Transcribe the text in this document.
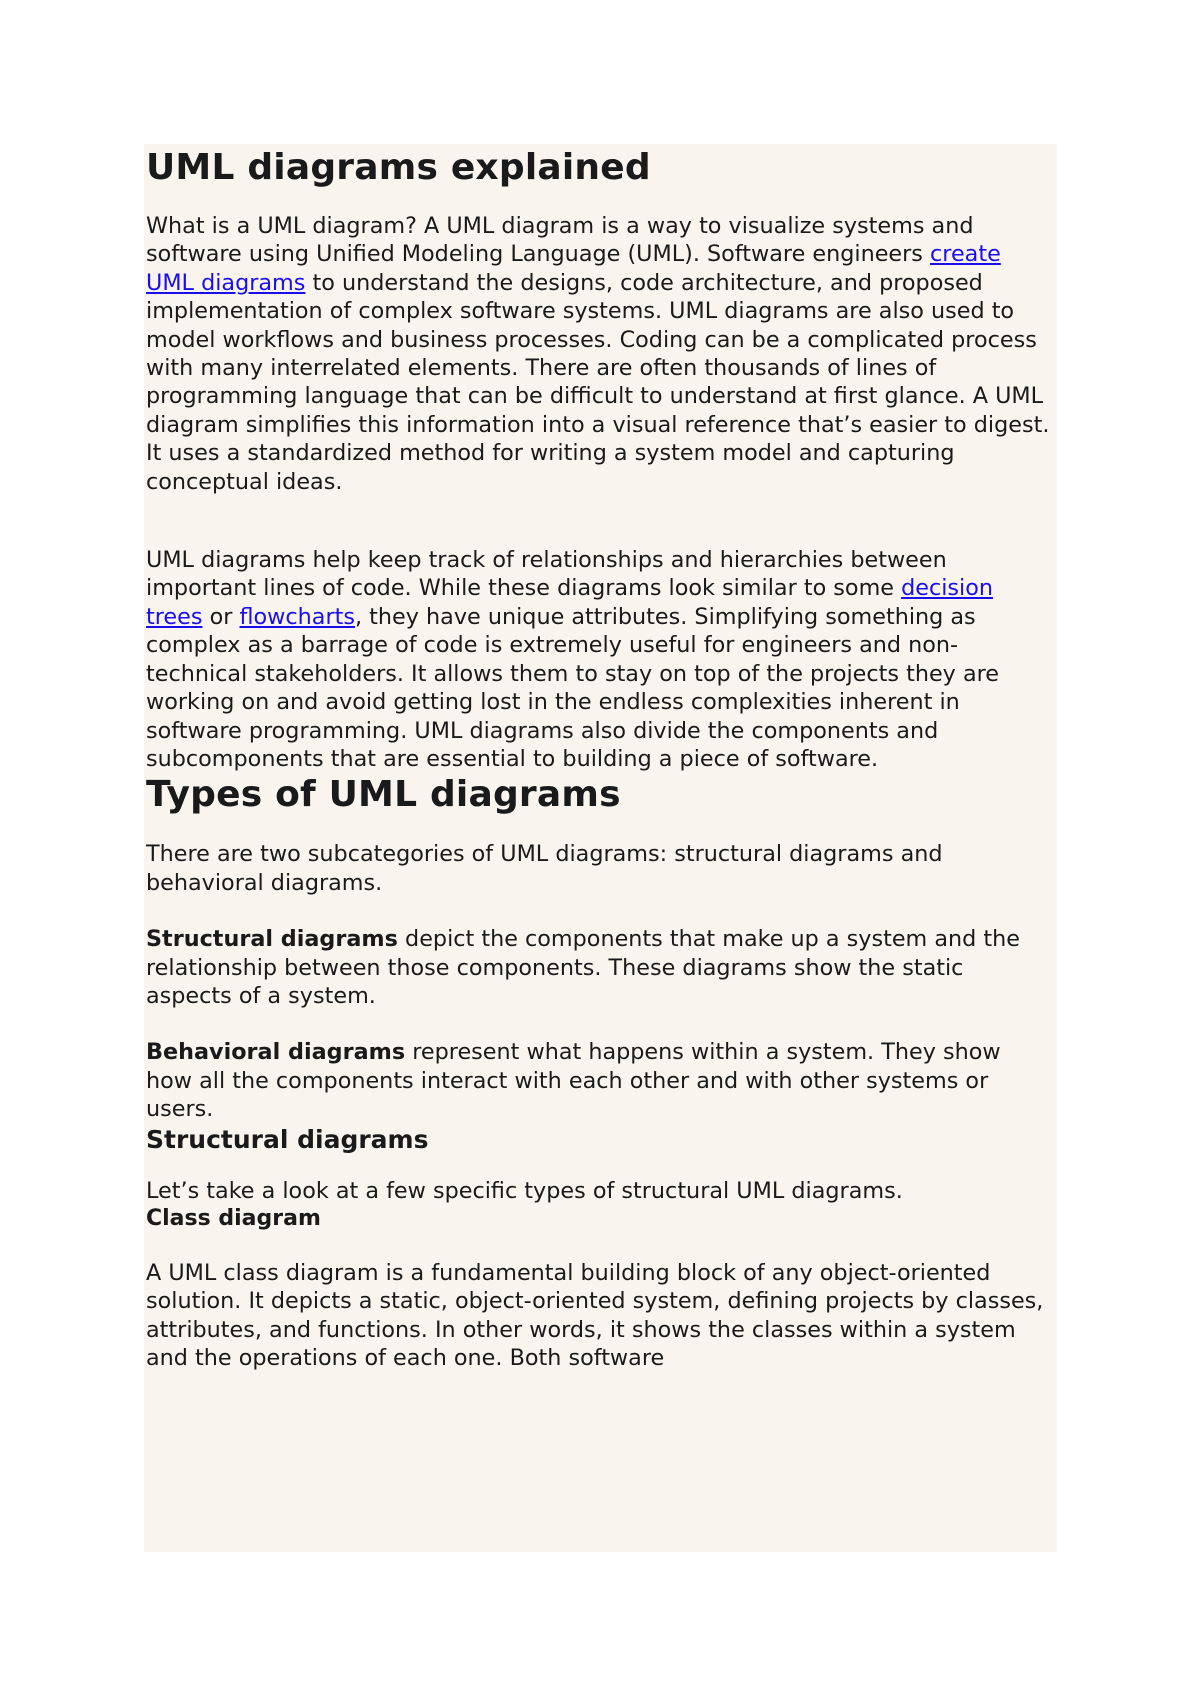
UML diagrams explained

What is a UML diagram? A UML diagram is a way to visualize systems and software using Unified Modeling Language (UML). Software engineers create UML diagrams to understand the designs, code architecture, and proposed implementation of complex software systems. UML diagrams are also used to model workflows and business processes. Coding can be a complicated process with many interrelated elements. There are often thousands of lines of programming language that can be difficult to understand at first glance. A UML diagram simplifies this information into a visual reference that’s easier to digest. It uses a standardized method for writing a system model and capturing conceptual ideas.

UML diagrams help keep track of relationships and hierarchies between important lines of code. While these diagrams look similar to some decision trees or flowcharts, they have unique attributes. Simplifying something as complex as a barrage of code is extremely useful for engineers and non-technical stakeholders. It allows them to stay on top of the projects they are working on and avoid getting lost in the endless complexities inherent in software programming. UML diagrams also divide the components and subcomponents that are essential to building a piece of software.

Types of UML diagrams

There are two subcategories of UML diagrams: structural diagrams and behavioral diagrams.

Structural diagrams depict the components that make up a system and the relationship between those components. These diagrams show the static aspects of a system.

Behavioral diagrams represent what happens within a system. They show how all the components interact with each other and with other systems or users.

Structural diagrams

Let’s take a look at a few specific types of structural UML diagrams.

Class diagram

A UML class diagram is a fundamental building block of any object-oriented solution. It depicts a static, object-oriented system, defining projects by classes, attributes, and functions. In other words, it shows the classes within a system and the operations of each one. Both software
